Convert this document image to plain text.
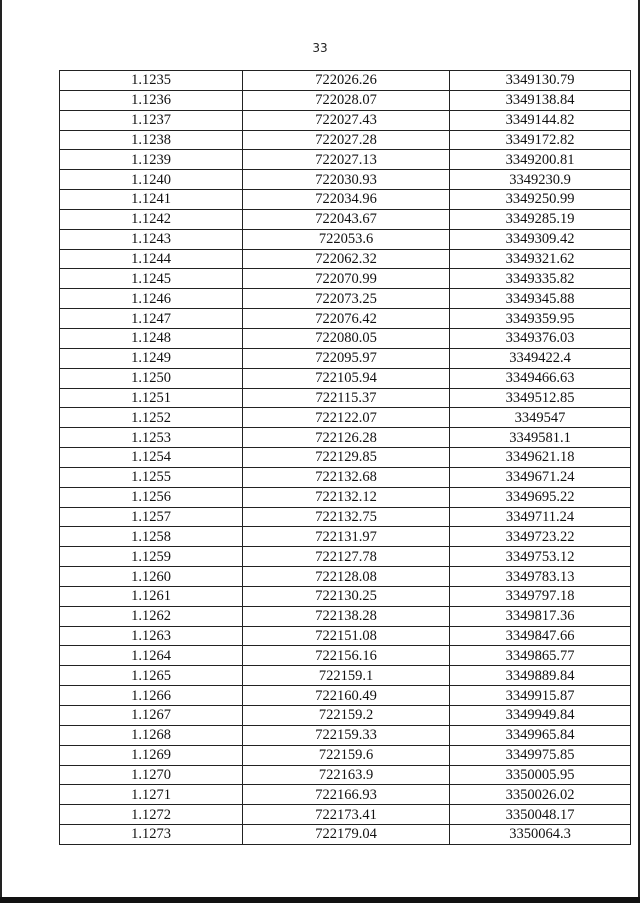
33
1.1235	722026.26	3349130.79
1.1236	722028.07	3349138.84
1.1237	722027.43	3349144.82
1.1238	722027.28	3349172.82
1.1239	722027.13	3349200.81
1.1240	722030.93	3349230.9
1.1241	722034.96	3349250.99
1.1242	722043.67	3349285.19
1.1243	722053.6	3349309.42
1.1244	722062.32	3349321.62
1.1245	722070.99	3349335.82
1.1246	722073.25	3349345.88
1.1247	722076.42	3349359.95
1.1248	722080.05	3349376.03
1.1249	722095.97	3349422.4
1.1250	722105.94	3349466.63
1.1251	722115.37	3349512.85
1.1252	722122.07	3349547
1.1253	722126.28	3349581.1
1.1254	722129.85	3349621.18
1.1255	722132.68	3349671.24
1.1256	722132.12	3349695.22
1.1257	722132.75	3349711.24
1.1258	722131.97	3349723.22
1.1259	722127.78	3349753.12
1.1260	722128.08	3349783.13
1.1261	722130.25	3349797.18
1.1262	722138.28	3349817.36
1.1263	722151.08	3349847.66
1.1264	722156.16	3349865.77
1.1265	722159.1	3349889.84
1.1266	722160.49	3349915.87
1.1267	722159.2	3349949.84
1.1268	722159.33	3349965.84
1.1269	722159.6	3349975.85
1.1270	722163.9	3350005.95
1.1271	722166.93	3350026.02
1.1272	722173.41	3350048.17
1.1273	722179.04	3350064.3
